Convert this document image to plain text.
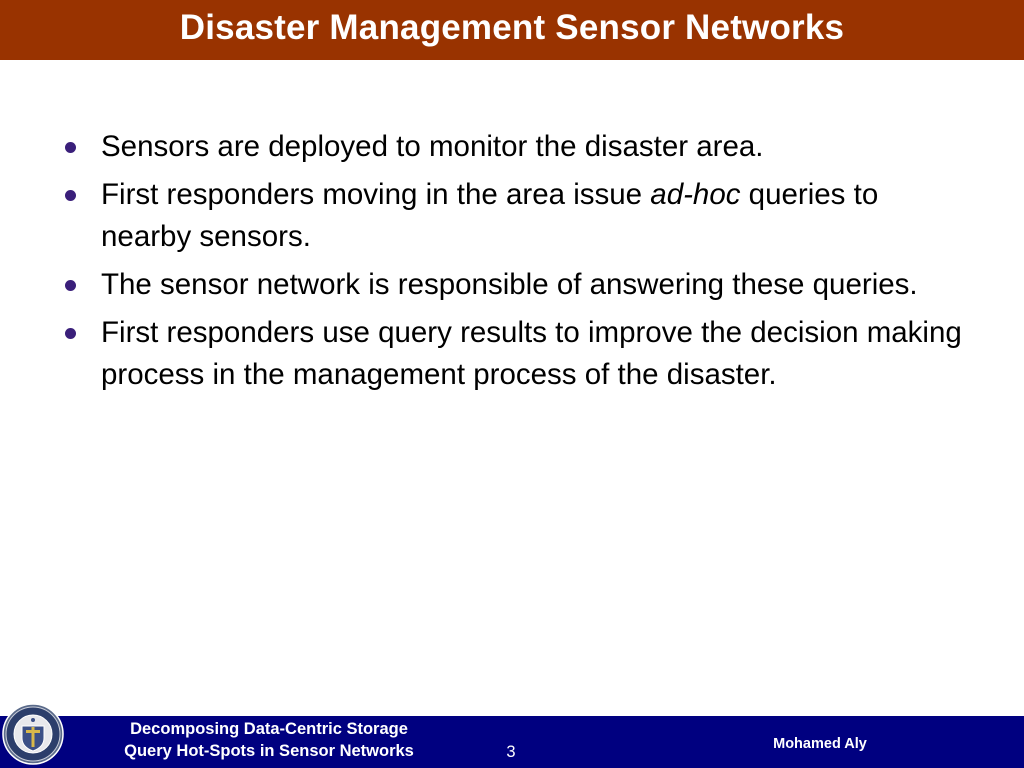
Disaster Management Sensor Networks
Sensors are deployed to monitor the disaster area.
First responders moving in the area issue ad-hoc queries to nearby sensors.
The sensor network is responsible of answering these queries.
First responders use query results to improve the decision making process in the management process of the disaster.
Decomposing Data-Centric Storage
Query Hot-Spots in Sensor Networks	3	Mohamed Aly
